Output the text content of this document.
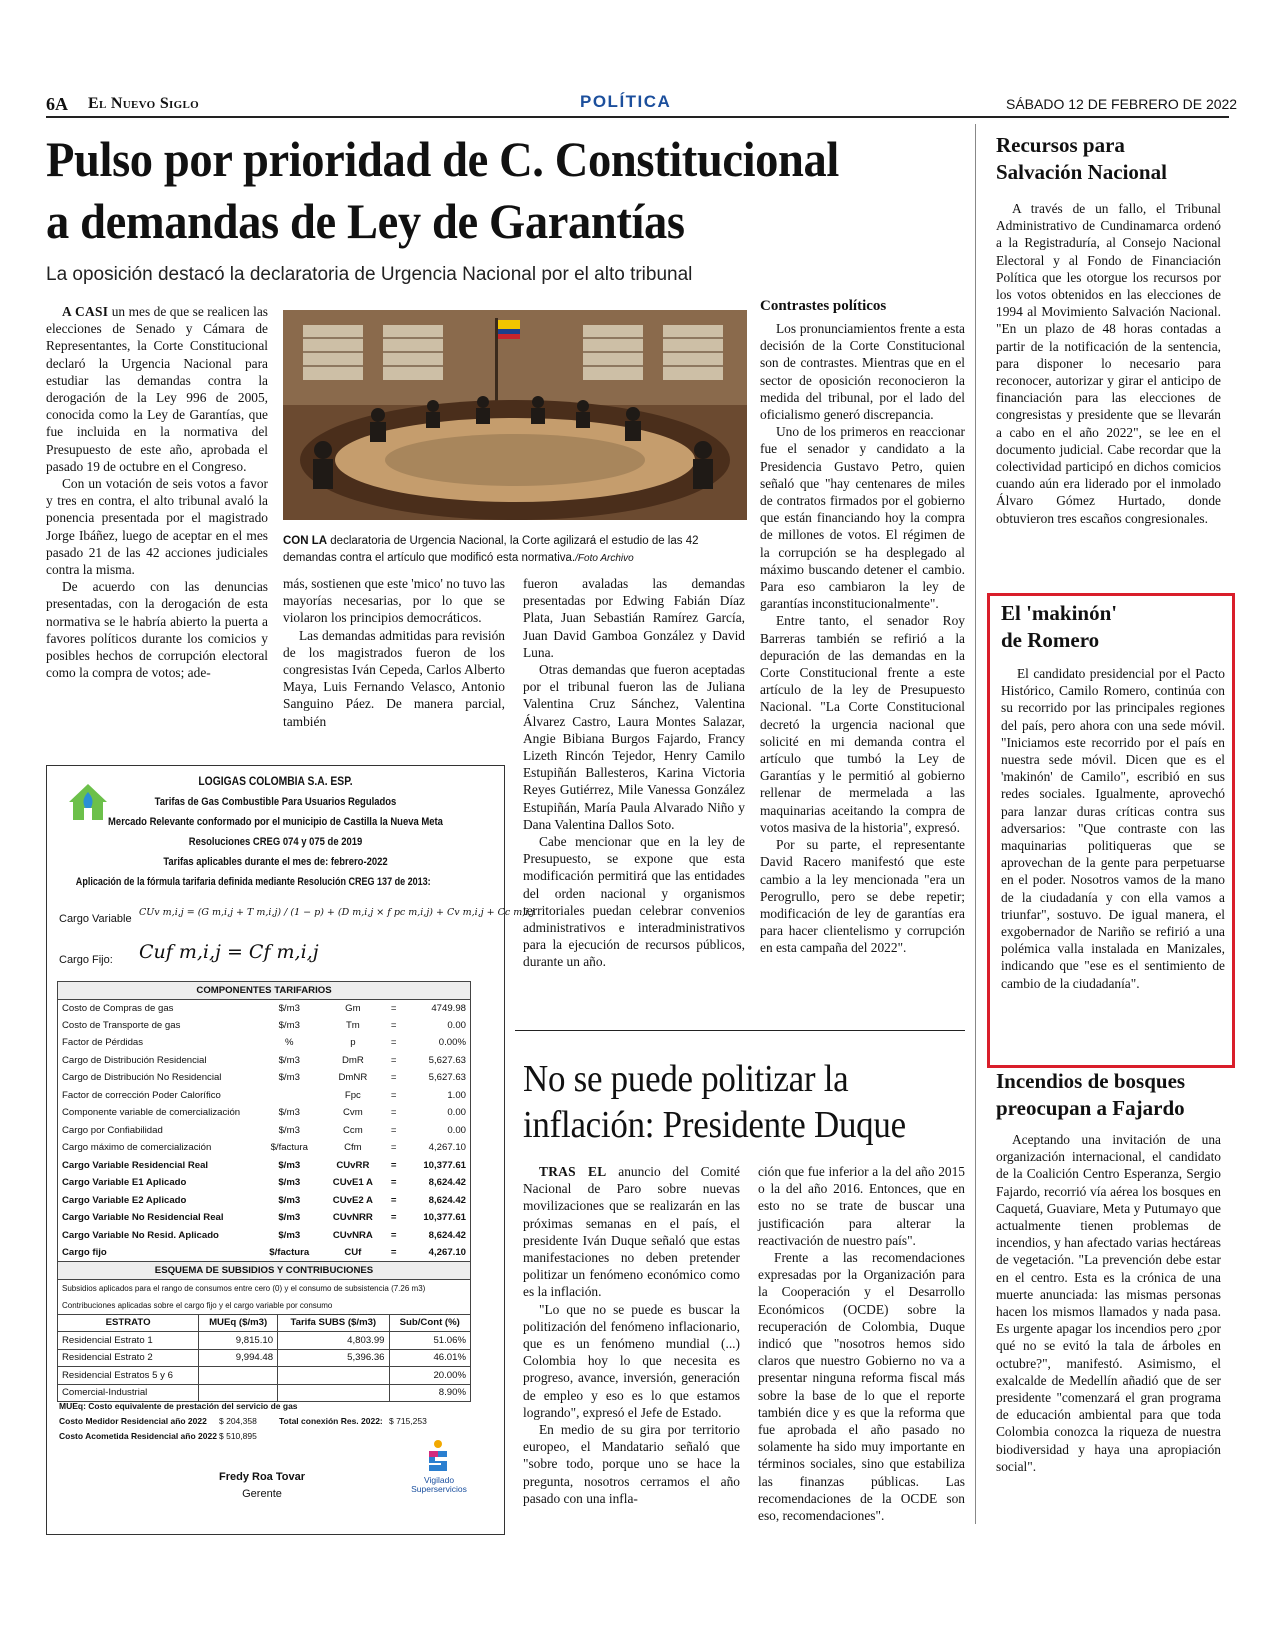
6A El Nuevo Siglo	POLÍTICA	SÁBADO 12 DE FEBRERO DE 2022
Pulso por prioridad de C. Constitucional
a demandas de Ley de Garantías
La oposición destacó la declaratoria de Urgencia Nacional por el alto tribunal

A CASI un mes de que se realicen las elecciones de Senado y Cámara de Representantes, la Corte Constitucional declaró la Urgencia Nacional para estudiar las demandas contra la derogación de la Ley 996 de 2005, conocida como la Ley de Garantías, que fue incluida en la normativa del Presupuesto de este año, aprobada el pasado 19 de octubre en el Congreso.

Con un votación de seis votos a favor y tres en contra, el alto tribunal avaló la ponencia presentada por el magistrado Jorge Ibáñez, luego de aceptar en el mes pasado 21 de las 42 acciones judiciales contra la misma.

De acuerdo con las denuncias presentadas, con la derogación de esta normativa se le habría abierto la puerta a favores políticos durante los comicios y posibles hechos de corrupción electoral como la compra de votos; ade-

CON LA declaratoria de Urgencia Nacional, la Corte agilizará el estudio de las 42 demandas contra el artículo que modificó esta normativa./Foto Archivo

más, sostienen que este 'mico' no tuvo las mayorías necesarias, por lo que se violaron los principios democráticos.

Las demandas admitidas para revisión de los magistrados fueron de los congresistas Iván Cepeda, Carlos Alberto Maya, Luis Fernando Velasco, Antonio Sanguino Páez. De manera parcial, también

fueron avaladas las demandas presentadas por Edwing Fabián Díaz Plata, Juan Sebastián Ramírez García, Juan David Gamboa González y David Luna.

Otras demandas que fueron aceptadas por el tribunal fueron las de Juliana Valentina Cruz Sánchez, Valentina Álvarez Castro, Laura Montes Salazar, Angie Bibiana Burgos Fajardo, Francy Lizeth Rincón Tejedor, Henry Camilo Estupiñán Ballesteros, Karina Victoria Reyes Gutiérrez, Mile Vanessa González Estupiñán, María Paula Alvarado Niño y Dana Valentina Dallos Soto.

Cabe mencionar que en la ley de Presupuesto, se expone que esta modificación permitirá que las entidades del orden nacional y organismos territoriales puedan celebrar convenios administrativos e interadministrativos para la ejecución de recursos públicos, durante un año.

Contrastes políticos

Los pronunciamientos frente a esta decisión de la Corte Constitucional son de contrastes. Mientras que en el sector de oposición reconocieron la medida del tribunal, por el lado del oficialismo generó discrepancia.

Uno de los primeros en reaccionar fue el senador y candidato a la Presidencia Gustavo Petro, quien señaló que "hay centenares de miles de contratos firmados por el gobierno que están financiando hoy la compra de millones de votos. El régimen de la corrupción se ha desplegado al máximo buscando detener el cambio. Para eso cambiaron la ley de garantías inconstitucionalmente".

Entre tanto, el senador Roy Barreras también se refirió a la depuración de las demandas en la Corte Constitucional frente a este artículo de la ley de Presupuesto Nacional. "La Corte Constitucional decretó la urgencia nacional que solicité en mi demanda contra el artículo que tumbó la Ley de Garantías y le permitió al gobierno rellenar de mermelada a las maquinarias aceitando la compra de votos masiva de la historia", expresó.

Por su parte, el representante David Racero manifestó que este cambio a la ley mencionada "era un Perogrullo, pero se debe repetir; modificación de ley de garantías era para hacer clientelismo y corrupción en esta campaña del 2022".

LOGIGAS COLOMBIA S.A. ESP.
Tarifas de Gas Combustible Para Usuarios Regulados
Mercado Relevante conformado por el municipio de Castilla la Nueva Meta
Resoluciones CREG 074 y 075 de 2019
Tarifas aplicables durante el mes de: febrero-2022
Aplicación de la fórmula tarifaria definida mediante Resolución CREG 137 de 2013:
Cargo Variable
CUv m,i,j = (G m,i,j + T m,i,j) / (1 − p) + (D m,i,j × f pc m,i,j) + Cv m,i,j + Cc m,i,j
Cargo Fijo: Cuf m,i,j = Cf m,i,j
COMPONENTES TARIFARIOS				
Costo de Compras de gas	$/m3	Gm	=	4749.98
Costo de Transporte de gas	$/m3	Tm	=	0.00
Factor de Pérdidas	%	p	=	0.00%
Cargo de Distribución Residencial	$/m3	DmR	=	5,627.63
Cargo de Distribución No Residencial	$/m3	DmNR	=	5,627.63
Factor de corrección Poder Calorífico		Fpc	=	1.00
Componente variable de comercialización	$/m3	Cvm	=	0.00
Cargo por Confiabilidad	$/m3	Ccm	=	0.00
Cargo máximo de comercialización	$/factura	Cfm	=	4,267.10
Cargo Variable Residencial Real	$/m3	CUvRR	=	10,377.61
Cargo Variable E1 Aplicado	$/m3	CUvE1 A	=	8,624.42
Cargo Variable E2 Aplicado	$/m3	CUvE2 A	=	8,624.42
Cargo Variable No Residencial Real	$/m3	CUvNRR	=	10,377.61
Cargo Variable No Resid. Aplicado	$/m3	CUvNRA	=	8,624.42
Cargo fijo	$/factura	CUf	=	4,267.10
ESQUEMA DE SUBSIDIOS Y CONTRIBUCIONES			
Subsidios aplicados para el rango de consumos entre cero (0) y el consumo de subsistencia (7.26 m3)			
Contribuciones aplicadas sobre el cargo fijo y el cargo variable por consumo			
ESTRATO	MUEq ($/m3)	Tarifa SUBS ($/m3)	Sub/Cont (%)
Residencial Estrato 1	9,815.10	4,803.99	51.06%
Residencial Estrato 2	9,994.48	5,396.36	46.01%
Residencial Estratos 5 y 6			20.00%
Comercial-Industrial			8.90%
MUEq: Costo equivalente de prestación del servicio de gas
Costo Medidor Residencial año 2022 $ 204,358	Total conexión Res. 2022: $ 715,253
Costo Acometida Residencial año 2022 $ 510,895
Fredy Roa Tovar
Gerente
Vigilado
Superservicios
No se puede politizar la
inflación: Presidente Duque

TRAS EL anuncio del Comité Nacional de Paro sobre nuevas movilizaciones que se realizarán en las próximas semanas en el país, el presidente Iván Duque señaló que estas manifestaciones no deben pretender politizar un fenómeno económico como es la inflación.

"Lo que no se puede es buscar la politización del fenómeno inflacionario, que es un fenómeno mundial (...) Colombia hoy lo que necesita es progreso, avance, inversión, generación de empleo y eso es lo que estamos logrando", expresó el Jefe de Estado.

En medio de su gira por territorio europeo, el Mandatario señaló que "sobre todo, porque uno se hace la pregunta, nosotros cerramos el año pasado con una infla-

ción que fue inferior a la del año 2015 o la del año 2016. Entonces, que en esto no se trate de buscar una justificación para alterar la reactivación de nuestro país".

Frente a las recomendaciones expresadas por la Organización para la Cooperación y el Desarrollo Económicos (OCDE) sobre la recuperación de Colombia, Duque indicó que "nosotros hemos sido claros que nuestro Gobierno no va a presentar ninguna reforma fiscal más sobre la base de lo que el reporte también dice y es que la reforma que fue aprobada el año pasado no solamente ha sido muy importante en términos sociales, sino que estabiliza las finanzas públicas. Las recomendaciones de la OCDE son eso, recomendaciones".

Recursos para Salvación Nacional

A través de un fallo, el Tribunal Administrativo de Cundinamarca ordenó a la Registraduría, al Consejo Nacional Electoral y al Fondo de Financiación Política que les otorgue los recursos por los votos obtenidos en las elecciones de 1994 al Movimiento Salvación Nacional. "En un plazo de 48 horas contadas a partir de la notificación de la sentencia, para disponer lo necesario para reconocer, autorizar y girar el anticipo de financiación para las elecciones de congresistas y presidente que se llevarán a cabo en el año 2022", se lee en el documento judicial. Cabe recordar que la colectividad participó en dichos comicios cuando aún era liderado por el inmolado Álvaro Gómez Hurtado, donde obtuvieron tres escaños congresionales.

El 'makinón'
de Romero

El candidato presidencial por el Pacto Histórico, Camilo Romero, continúa con su recorrido por las principales regiones del país, pero ahora con una sede móvil. "Iniciamos este recorrido por el país en nuestra sede móvil. Dicen que es el 'makinón' de Camilo", escribió en sus redes sociales. Igualmente, aprovechó para lanzar duras críticas contra sus adversarios: "Que contraste con las maquinarias politiqueras que se aprovechan de la gente para perpetuarse en el poder. Nosotros vamos de la mano de la ciudadanía y con ella vamos a triunfar", sostuvo. De igual manera, el exgobernador de Nariño se refirió a una polémica valla instalada en Manizales, indicando que "ese es el sentimiento de cambio de la ciudadanía".

Incendios de bosques preocupan a Fajardo

Aceptando una invitación de una organización internacional, el candidato de la Coalición Centro Esperanza, Sergio Fajardo, recorrió vía aérea los bosques en Caquetá, Guaviare, Meta y Putumayo que actualmente tienen problemas de incendios, y han afectado varias hectáreas de vegetación. "La prevención debe estar en el centro. Esta es la crónica de una muerte anunciada: las mismas personas hacen los mismos llamados y nada pasa. Es urgente apagar los incendios pero ¿por qué no se evitó la tala de árboles en octubre?", manifestó. Asimismo, el exalcalde de Medellín añadió que de ser presidente "comenzará el gran programa de educación ambiental para que toda Colombia conozca la riqueza de nuestra biodiversidad y haya una apropiación social".
